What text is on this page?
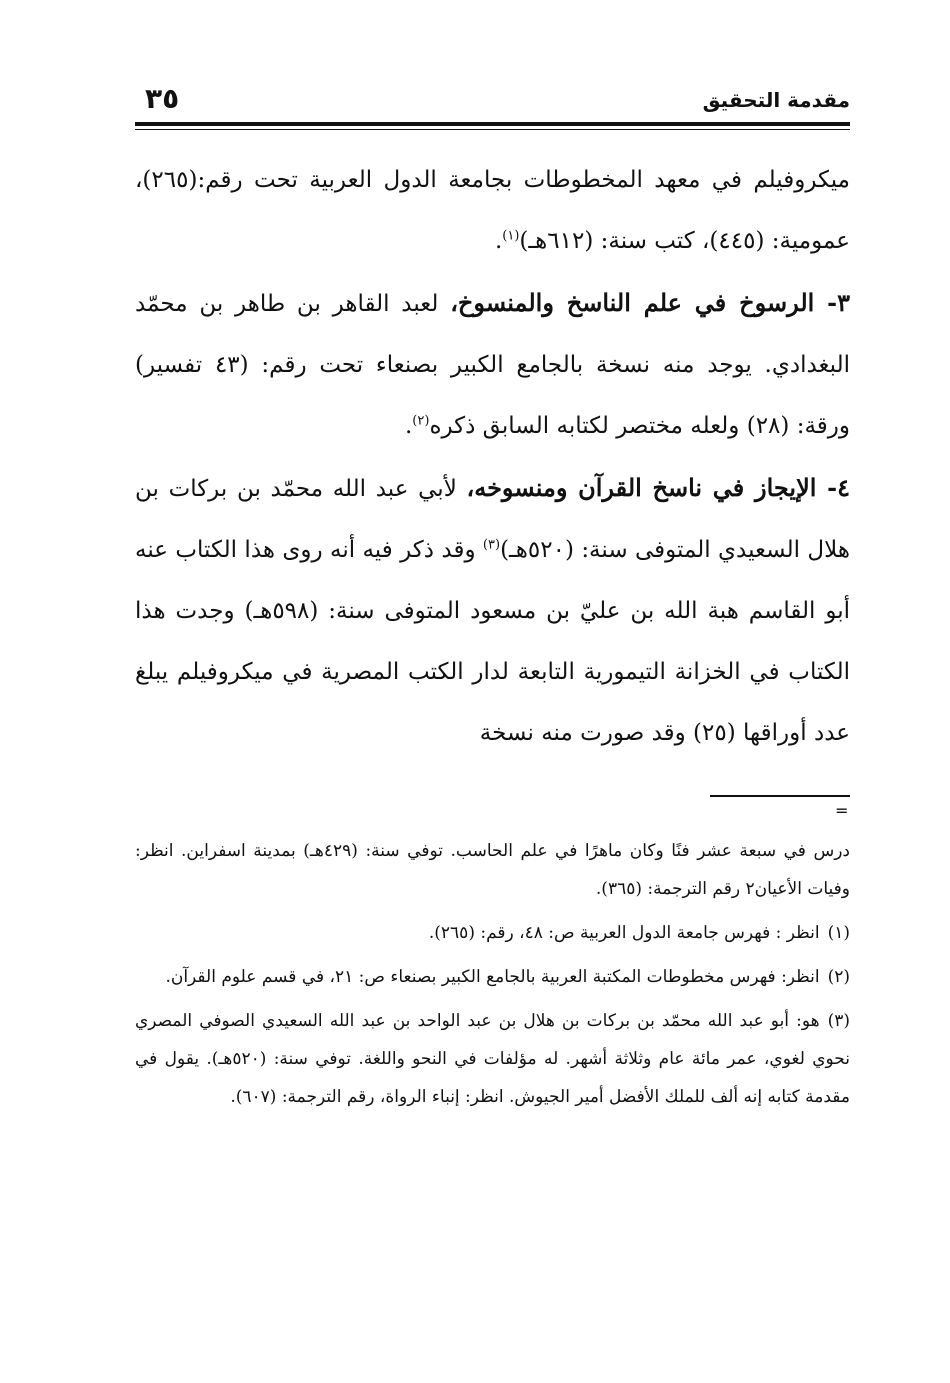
٣٥	مقدمة التحقيق

ميكروفيلم في معهد المخطوطات بجامعة الدول العربية تحت رقم:(٢٦٥)، عمومية: (٤٤٥)، كتب سنة: (٦١٢هـ)$^{(١)}$.

٣- الرسوخ في علم الناسخ والمنسوخ، لعبد القاهر بن طاهر بن محمّد البغدادي. يوجد منه نسخة بالجامع الكبير بصنعاء تحت رقم: (٤٣ تفسير) ورقة: (٢٨) ولعله مختصر لكتابه السابق ذكره$^{(٢)}$.

٤- الإيجاز في ناسخ القرآن ومنسوخه، لأبي عبد الله محمّد بن بركات بن هلال السعيدي المتوفى سنة: (٥٢٠هـ)$^{(٣)}$ وقد ذكر فيه أنه روى هذا الكتاب عنه أبو القاسم هبة الله بن عليّ بن مسعود المتوفى سنة: (٥٩٨هـ) وجدت هذا الكتاب في الخزانة التيمورية التابعة لدار الكتب المصرية في ميكروفيلم يبلغ عدد أوراقها (٢٥) وقد صورت منه نسخة

=

درس في سبعة عشر فنًا وكان ماهرًا في علم الحاسب. توفي سنة: (٤٢٩هـ) بمدينة اسفراين. انظر: وفيات الأعيان٢ رقم الترجمة: (٣٦٥).

(١)انظر : فهرس جامعة الدول العربية ص: ٤٨، رقم: (٢٦٥).

(٢)انظر: فهرس مخطوطات المكتبة العربية بالجامع الكبير بصنعاء ص: ٢١، في قسم علوم القرآن.

(٣)هو: أبو عبد الله محمّد بن بركات بن هلال بن عبد الواحد بن عبد الله السعيدي الصوفي المصري نحوي لغوي، عمر مائة عام وثلاثة أشهر. له مؤلفات في النحو واللغة. توفي سنة: (٥٢٠هـ). يقول في مقدمة كتابه إنه ألف للملك الأفضل أمير الجيوش. انظر: إنباء الرواة، رقم الترجمة: (٦٠٧).
